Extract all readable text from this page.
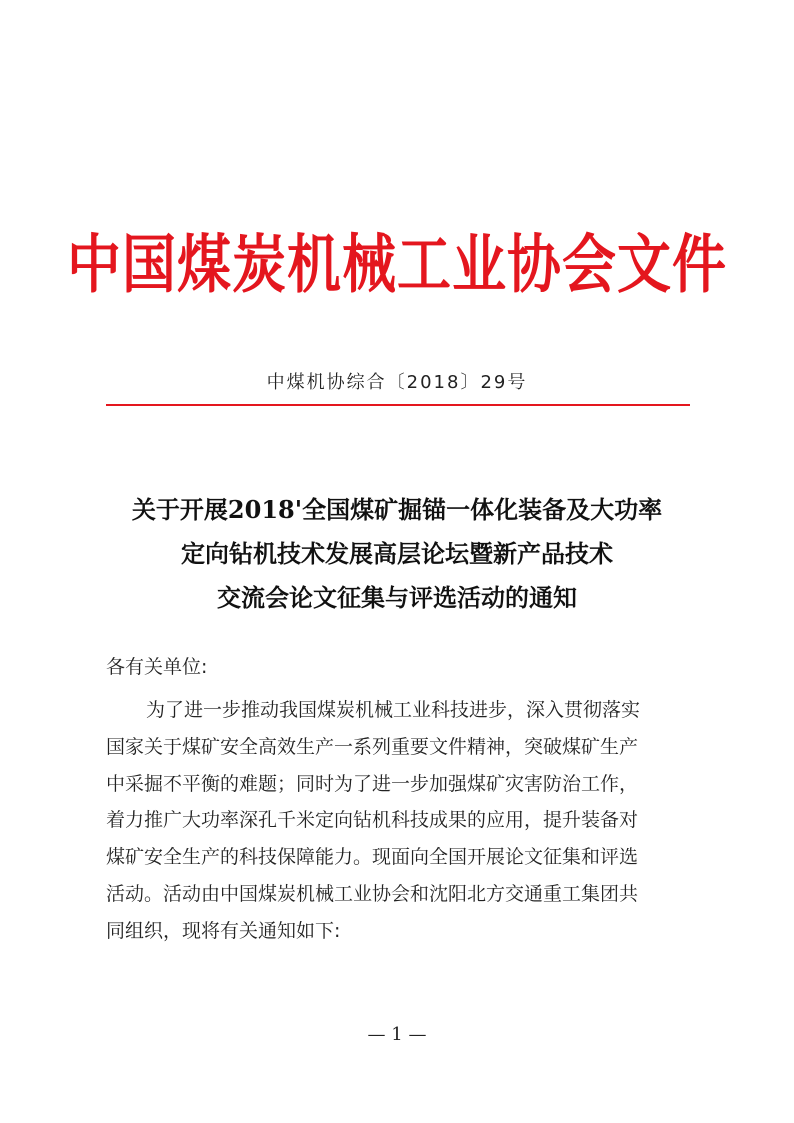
中国煤炭机械工业协会文件
中煤机协综合〔2018〕29号
关于开展2018'全国煤矿掘锚一体化装备及大功率
定向钻机技术发展高层论坛暨新产品技术
交流会论文征集与评选活动的通知
各有关单位:
为了进一步推动我国煤炭机械工业科技进步，深入贯彻落实
国家关于煤矿安全高效生产一系列重要文件精神，突破煤矿生产
中采掘不平衡的难题；同时为了进一步加强煤矿灾害防治工作，
着力推广大功率深孔千米定向钻机科技成果的应用，提升装备对
煤矿安全生产的科技保障能力。现面向全国开展论文征集和评选
活动。活动由中国煤炭机械工业协会和沈阳北方交通重工集团共
同组织，现将有关通知如下:
— 1 —
